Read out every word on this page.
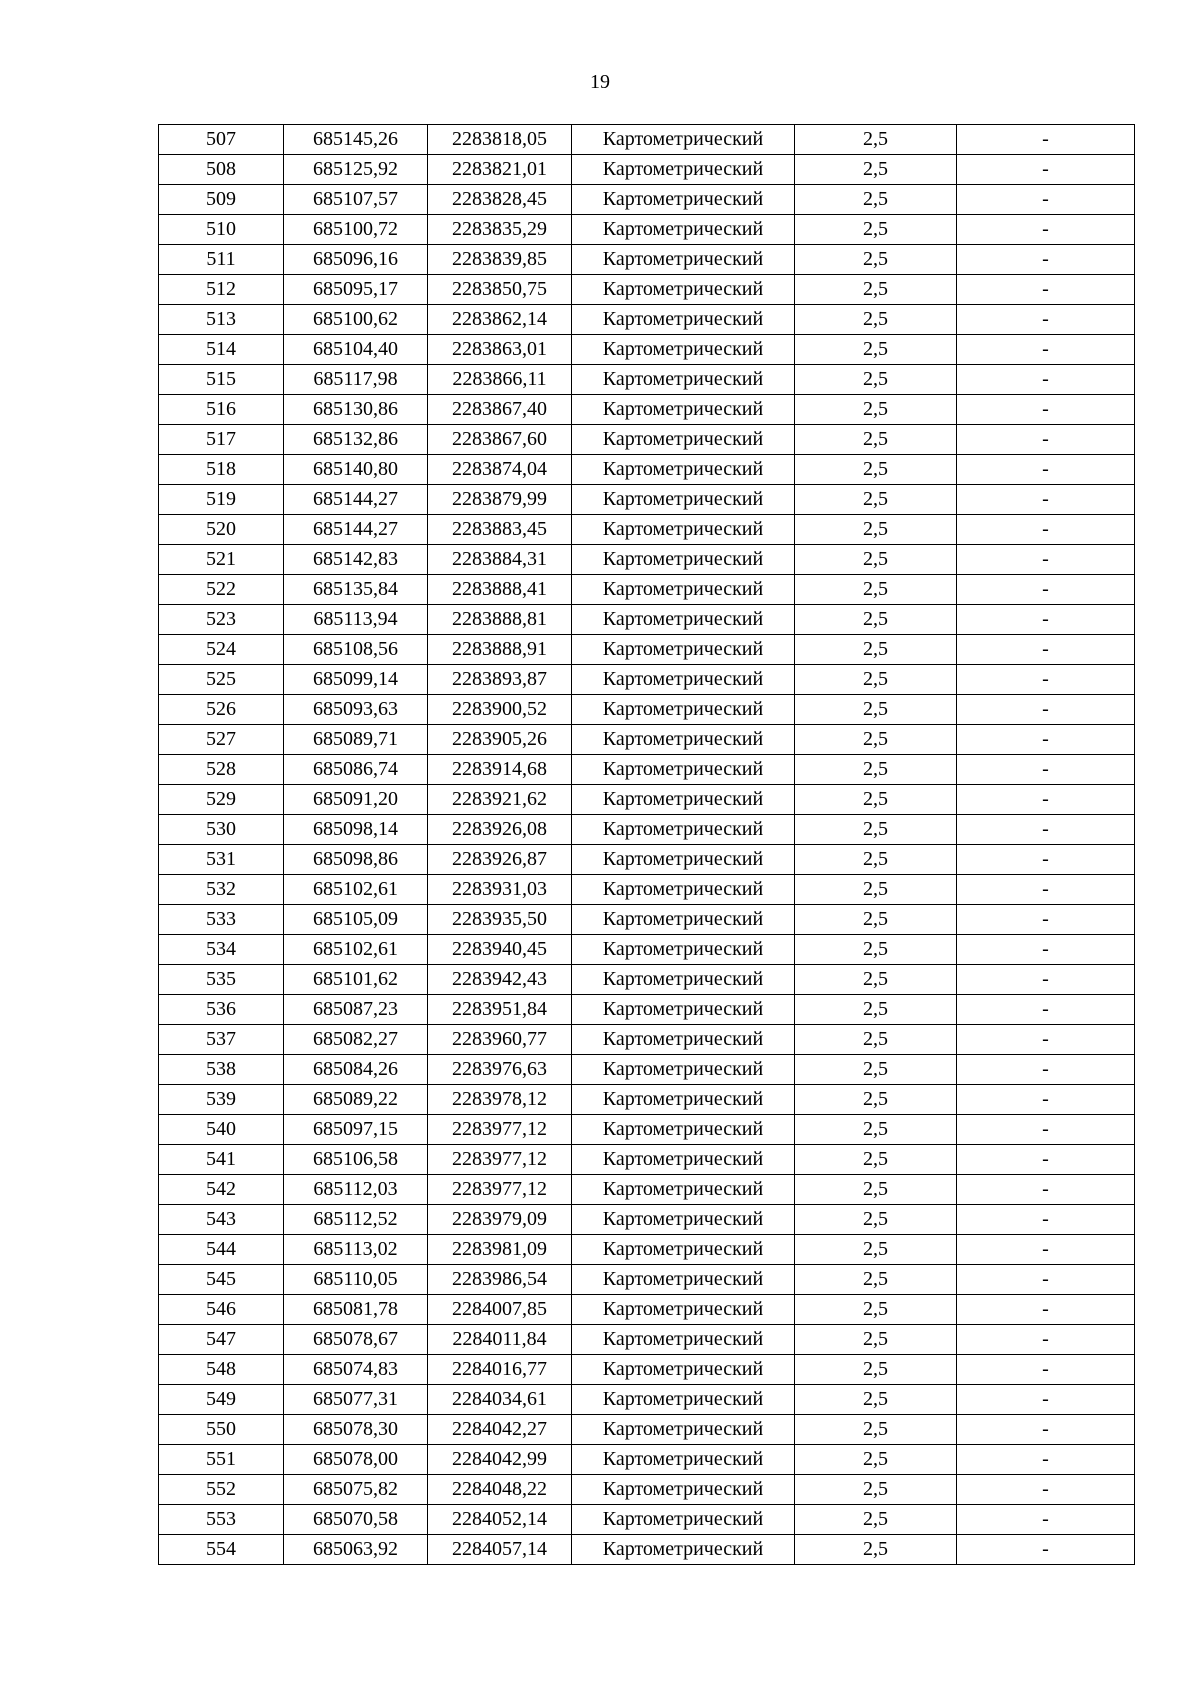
19
507	685145,26	2283818,05	Картометрический	2,5	-
508	685125,92	2283821,01	Картометрический	2,5	-
509	685107,57	2283828,45	Картометрический	2,5	-
510	685100,72	2283835,29	Картометрический	2,5	-
511	685096,16	2283839,85	Картометрический	2,5	-
512	685095,17	2283850,75	Картометрический	2,5	-
513	685100,62	2283862,14	Картометрический	2,5	-
514	685104,40	2283863,01	Картометрический	2,5	-
515	685117,98	2283866,11	Картометрический	2,5	-
516	685130,86	2283867,40	Картометрический	2,5	-
517	685132,86	2283867,60	Картометрический	2,5	-
518	685140,80	2283874,04	Картометрический	2,5	-
519	685144,27	2283879,99	Картометрический	2,5	-
520	685144,27	2283883,45	Картометрический	2,5	-
521	685142,83	2283884,31	Картометрический	2,5	-
522	685135,84	2283888,41	Картометрический	2,5	-
523	685113,94	2283888,81	Картометрический	2,5	-
524	685108,56	2283888,91	Картометрический	2,5	-
525	685099,14	2283893,87	Картометрический	2,5	-
526	685093,63	2283900,52	Картометрический	2,5	-
527	685089,71	2283905,26	Картометрический	2,5	-
528	685086,74	2283914,68	Картометрический	2,5	-
529	685091,20	2283921,62	Картометрический	2,5	-
530	685098,14	2283926,08	Картометрический	2,5	-
531	685098,86	2283926,87	Картометрический	2,5	-
532	685102,61	2283931,03	Картометрический	2,5	-
533	685105,09	2283935,50	Картометрический	2,5	-
534	685102,61	2283940,45	Картометрический	2,5	-
535	685101,62	2283942,43	Картометрический	2,5	-
536	685087,23	2283951,84	Картометрический	2,5	-
537	685082,27	2283960,77	Картометрический	2,5	-
538	685084,26	2283976,63	Картометрический	2,5	-
539	685089,22	2283978,12	Картометрический	2,5	-
540	685097,15	2283977,12	Картометрический	2,5	-
541	685106,58	2283977,12	Картометрический	2,5	-
542	685112,03	2283977,12	Картометрический	2,5	-
543	685112,52	2283979,09	Картометрический	2,5	-
544	685113,02	2283981,09	Картометрический	2,5	-
545	685110,05	2283986,54	Картометрический	2,5	-
546	685081,78	2284007,85	Картометрический	2,5	-
547	685078,67	2284011,84	Картометрический	2,5	-
548	685074,83	2284016,77	Картометрический	2,5	-
549	685077,31	2284034,61	Картометрический	2,5	-
550	685078,30	2284042,27	Картометрический	2,5	-
551	685078,00	2284042,99	Картометрический	2,5	-
552	685075,82	2284048,22	Картометрический	2,5	-
553	685070,58	2284052,14	Картометрический	2,5	-
554	685063,92	2284057,14	Картометрический	2,5	-
